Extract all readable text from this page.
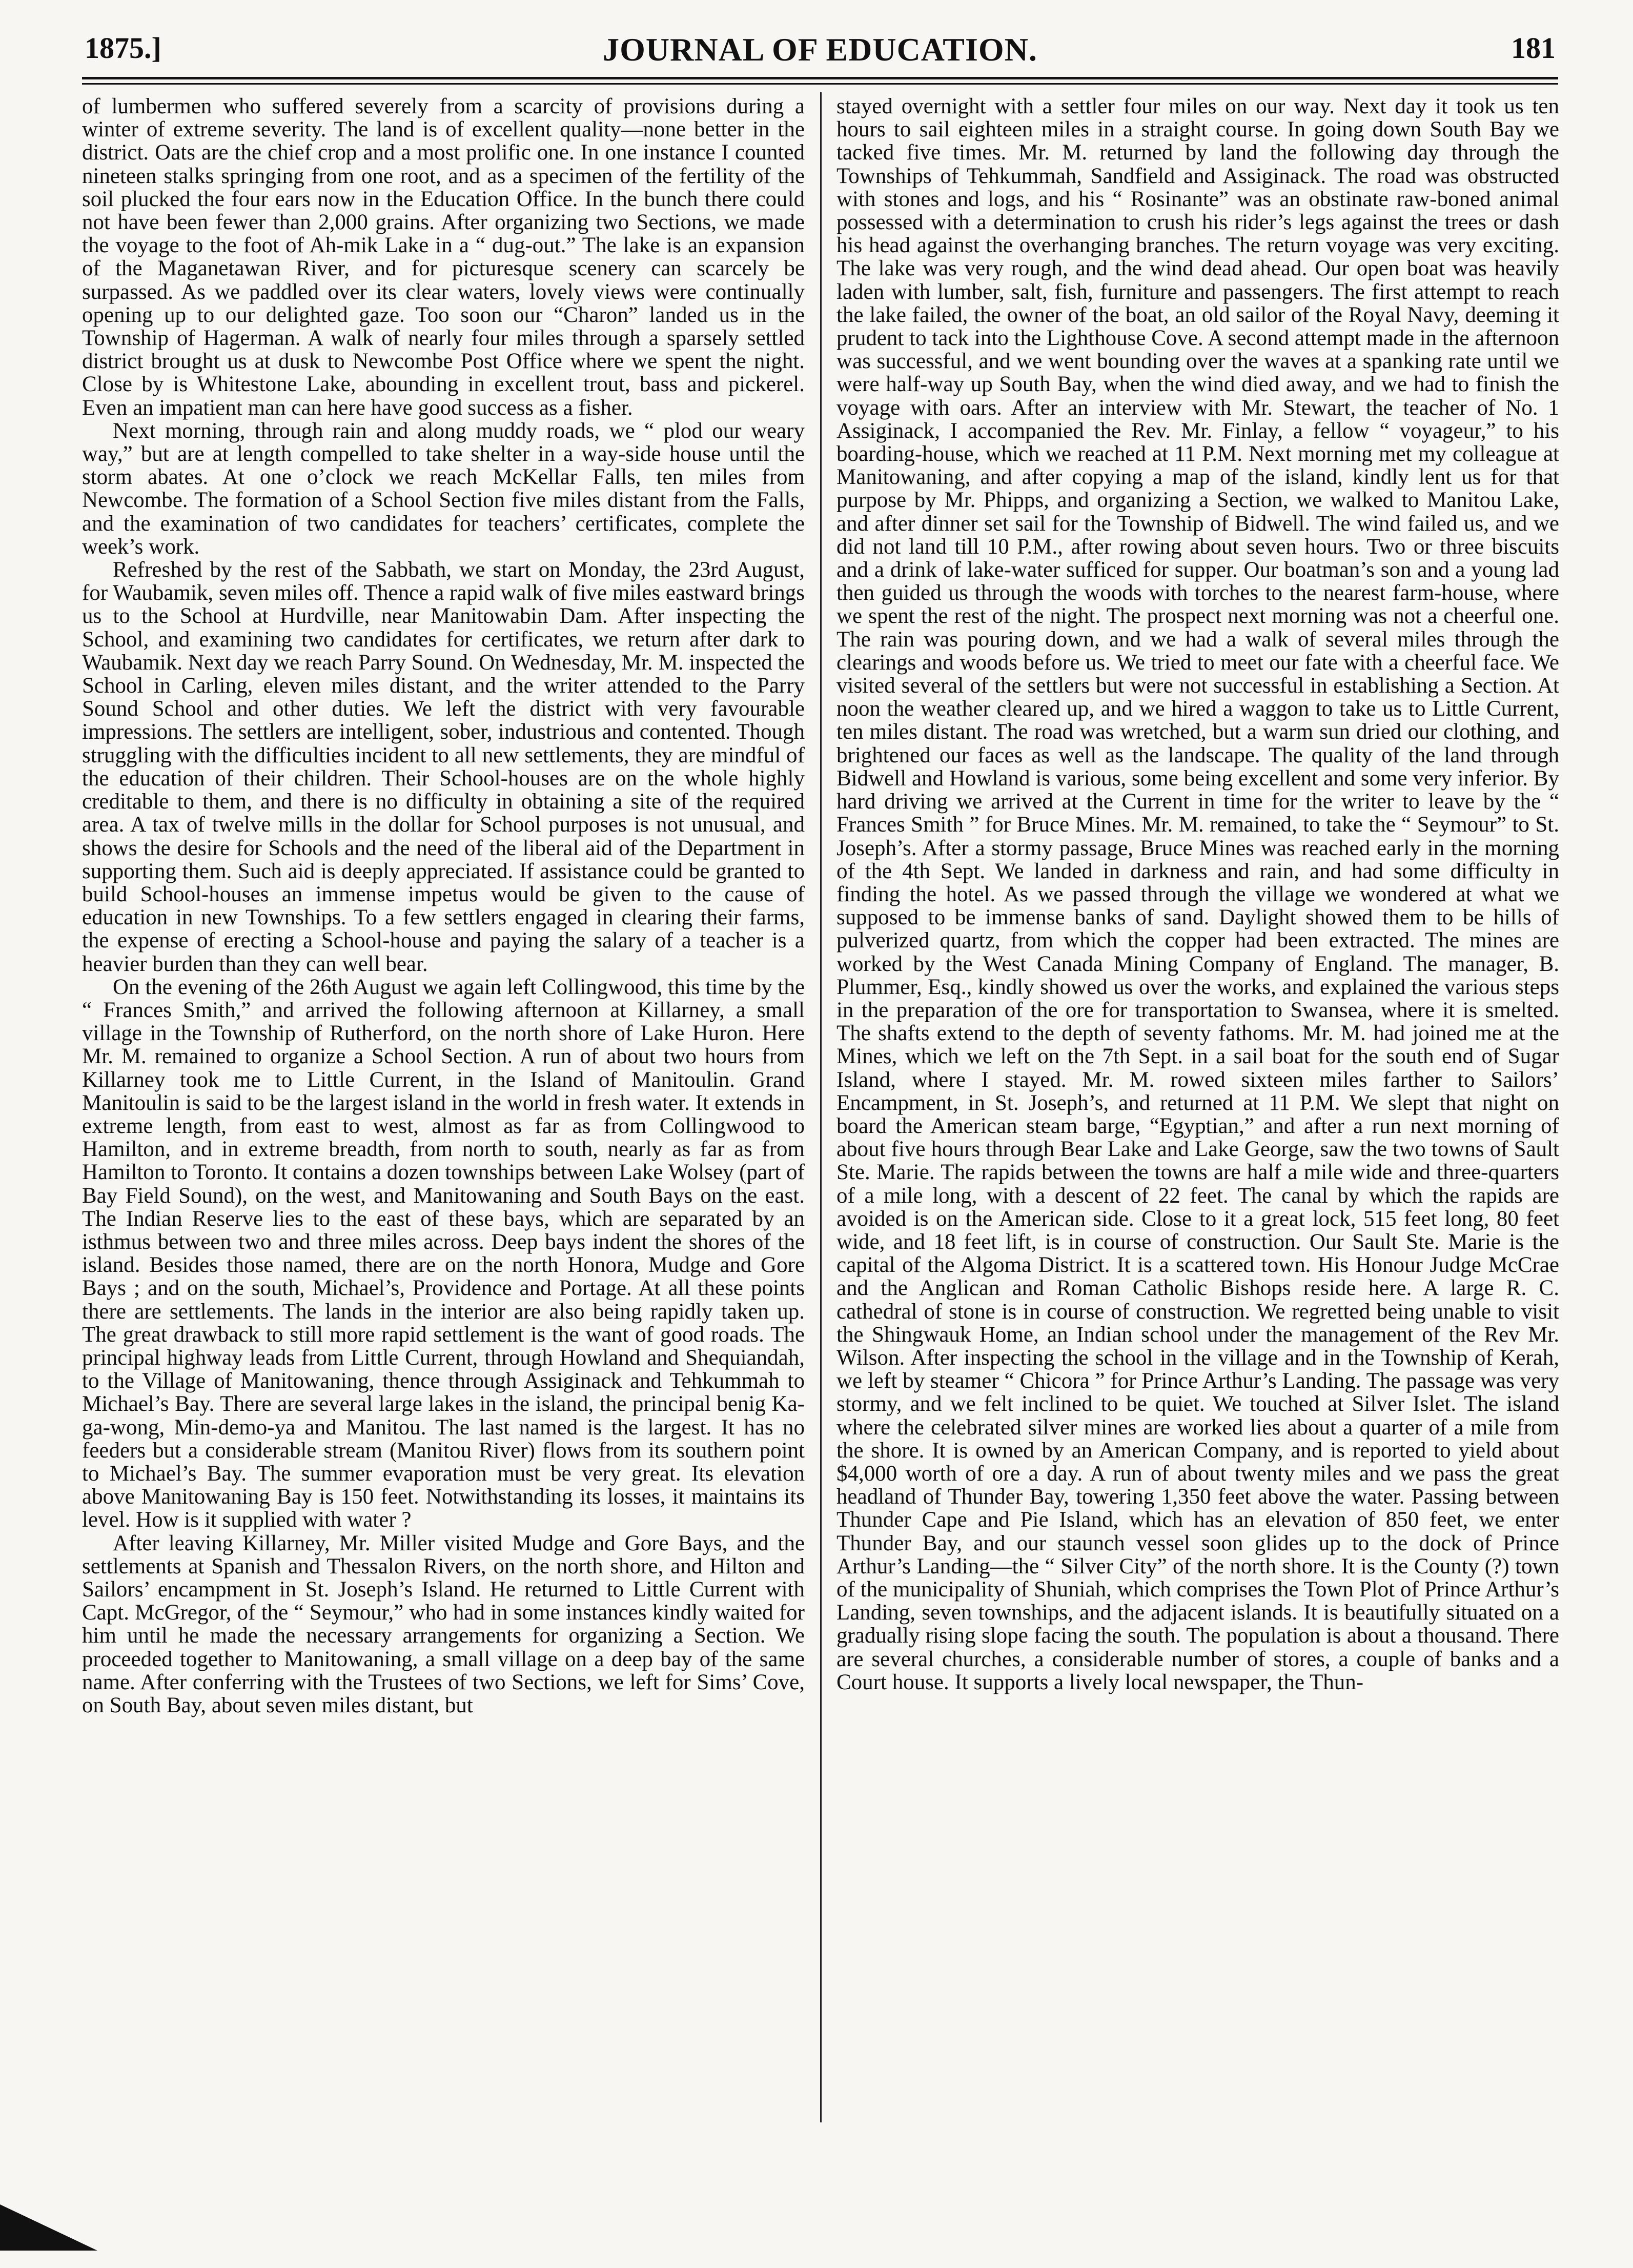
1875.]	JOURNAL OF EDUCATION.	181

of lumbermen who suffered severely from a scarcity of provisions during a winter of extreme severity. The land is of excellent quality—none better in the district. Oats are the chief crop and a most prolific one. In one instance I counted nineteen stalks springing from one root, and as a specimen of the fertility of the soil plucked the four ears now in the Education Office. In the bunch there could not have been fewer than 2,000 grains. After organizing two Sections, we made the voyage to the foot of Ah-mik Lake in a “ dug-out.” The lake is an expansion of the Maganetawan River, and for picturesque scenery can scarcely be surpassed. As we paddled over its clear waters, lovely views were continually opening up to our delighted gaze. Too soon our “Charon” landed us in the Township of Hagerman. A walk of nearly four miles through a sparsely settled district brought us at dusk to Newcombe Post Office where we spent the night. Close by is Whitestone Lake, abounding in excellent trout, bass and pickerel. Even an impatient man can here have good success as a fisher.

Next morning, through rain and along muddy roads, we “ plod our weary way,” but are at length compelled to take shelter in a way-side house until the storm abates. At one o’clock we reach McKellar Falls, ten miles from Newcombe. The formation of a School Section five miles distant from the Falls, and the examination of two candidates for teachers’ certificates, complete the week’s work.

Refreshed by the rest of the Sabbath, we start on Monday, the 23rd August, for Waubamik, seven miles off. Thence a rapid walk of five miles eastward brings us to the School at Hurdville, near Manitowabin Dam. After inspecting the School, and examining two candidates for certificates, we return after dark to Waubamik. Next day we reach Parry Sound. On Wednesday, Mr. M. inspected the School in Carling, eleven miles distant, and the writer attended to the Parry Sound School and other duties. We left the district with very favourable impressions. The settlers are intelligent, sober, industrious and contented. Though struggling with the difficulties incident to all new settlements, they are mindful of the education of their children. Their School-houses are on the whole highly creditable to them, and there is no difficulty in obtaining a site of the required area. A tax of twelve mills in the dollar for School purposes is not unusual, and shows the desire for Schools and the need of the liberal aid of the Department in supporting them. Such aid is deeply appreciated. If assistance could be granted to build School-houses an immense impetus would be given to the cause of education in new Townships. To a few settlers engaged in clearing their farms, the expense of erecting a School-house and paying the salary of a teacher is a heavier burden than they can well bear.

On the evening of the 26th August we again left Collingwood, this time by the “ Frances Smith,” and arrived the following afternoon at Killarney, a small village in the Township of Rutherford, on the north shore of Lake Huron. Here Mr. M. remained to organize a School Section. A run of about two hours from Killarney took me to Little Current, in the Island of Manitoulin. Grand Manitoulin is said to be the largest island in the world in fresh water. It extends in extreme length, from east to west, almost as far as from Collingwood to Hamilton, and in extreme breadth, from north to south, nearly as far as from Hamilton to Toronto. It contains a dozen townships between Lake Wolsey (part of Bay Field Sound), on the west, and Manitowaning and South Bays on the east. The Indian Reserve lies to the east of these bays, which are separated by an isthmus between two and three miles across. Deep bays indent the shores of the island. Besides those named, there are on the north Honora, Mudge and Gore Bays ; and on the south, Michael’s, Providence and Portage. At all these points there are settlements. The lands in the interior are also being rapidly taken up. The great drawback to still more rapid settlement is the want of good roads. The principal highway leads from Little Current, through Howland and Shequiandah, to the Village of Manitowaning, thence through Assiginack and Tehkummah to Michael’s Bay. There are several large lakes in the island, the principal benig Ka-ga-wong, Min-demo-ya and Manitou. The last named is the largest. It has no feeders but a considerable stream (Manitou River) flows from its southern point to Michael’s Bay. The summer evaporation must be very great. Its elevation above Manitowaning Bay is 150 feet. Notwithstanding its losses, it maintains its level. How is it supplied with water ?

After leaving Killarney, Mr. Miller visited Mudge and Gore Bays, and the settlements at Spanish and Thessalon Rivers, on the north shore, and Hilton and Sailors’ encampment in St. Joseph’s Island. He returned to Little Current with Capt. McGregor, of the “ Seymour,” who had in some instances kindly waited for him until he made the necessary arrangements for organizing a Section. We proceeded together to Manitowaning, a small village on a deep bay of the same name. After conferring with the Trustees of two Sections, we left for Sims’ Cove, on South Bay, about seven miles distant, but

stayed overnight with a settler four miles on our way. Next day it took us ten hours to sail eighteen miles in a straight course. In going down South Bay we tacked five times. Mr. M. returned by land the following day through the Townships of Tehkummah, Sandfield and Assiginack. The road was obstructed with stones and logs, and his “ Rosinante” was an obstinate raw-boned animal possessed with a determination to crush his rider’s legs against the trees or dash his head against the overhanging branches. The return voyage was very exciting. The lake was very rough, and the wind dead ahead. Our open boat was heavily laden with lumber, salt, fish, furniture and passengers. The first attempt to reach the lake failed, the owner of the boat, an old sailor of the Royal Navy, deeming it prudent to tack into the Lighthouse Cove. A second attempt made in the afternoon was successful, and we went bounding over the waves at a spanking rate until we were half-way up South Bay, when the wind died away, and we had to finish the voyage with oars. After an interview with Mr. Stewart, the teacher of No. 1 Assiginack, I accompanied the Rev. Mr. Finlay, a fellow “ voyageur,” to his boarding-house, which we reached at 11 P.M. Next morning met my colleague at Manitowaning, and after copying a map of the island, kindly lent us for that purpose by Mr. Phipps, and organizing a Section, we walked to Manitou Lake, and after dinner set sail for the Township of Bidwell. The wind failed us, and we did not land till 10 P.M., after rowing about seven hours. Two or three biscuits and a drink of lake-water sufficed for supper. Our boatman’s son and a young lad then guided us through the woods with torches to the nearest farm-house, where we spent the rest of the night. The prospect next morning was not a cheerful one. The rain was pouring down, and we had a walk of several miles through the clearings and woods before us. We tried to meet our fate with a cheerful face. We visited several of the settlers but were not successful in establishing a Section. At noon the weather cleared up, and we hired a waggon to take us to Little Current, ten miles distant. The road was wretched, but a warm sun dried our clothing, and brightened our faces as well as the landscape. The quality of the land through Bidwell and Howland is various, some being excellent and some very inferior. By hard driving we arrived at the Current in time for the writer to leave by the “ Frances Smith ” for Bruce Mines. Mr. M. remained, to take the “ Seymour” to St. Joseph’s. After a stormy passage, Bruce Mines was reached early in the morning of the 4th Sept. We landed in darkness and rain, and had some difficulty in finding the hotel. As we passed through the village we wondered at what we supposed to be immense banks of sand. Daylight showed them to be hills of pulverized quartz, from which the copper had been extracted. The mines are worked by the West Canada Mining Company of England. The manager, B. Plummer, Esq., kindly showed us over the works, and explained the various steps in the preparation of the ore for transportation to Swansea, where it is smelted. The shafts extend to the depth of seventy fathoms. Mr. M. had joined me at the Mines, which we left on the 7th Sept. in a sail boat for the south end of Sugar Island, where I stayed. Mr. M. rowed sixteen miles farther to Sailors’ Encampment, in St. Joseph’s, and returned at 11 P.M. We slept that night on board the American steam barge, “Egyptian,” and after a run next morning of about five hours through Bear Lake and Lake George, saw the two towns of Sault Ste. Marie. The rapids between the towns are half a mile wide and three-quarters of a mile long, with a descent of 22 feet. The canal by which the rapids are avoided is on the American side. Close to it a great lock, 515 feet long, 80 feet wide, and 18 feet lift, is in course of construction. Our Sault Ste. Marie is the capital of the Algoma District. It is a scattered town. His Honour Judge McCrae and the Anglican and Roman Catholic Bishops reside here. A large R. C. cathedral of stone is in course of construction. We regretted being unable to visit the Shingwauk Home, an Indian school under the management of the Rev Mr. Wilson. After inspecting the school in the village and in the Township of Kerah, we left by steamer “ Chicora ” for Prince Arthur’s Landing. The passage was very stormy, and we felt inclined to be quiet. We touched at Silver Islet. The island where the celebrated silver mines are worked lies about a quarter of a mile from the shore. It is owned by an American Company, and is reported to yield about $4,000 worth of ore a day. A run of about twenty miles and we pass the great headland of Thunder Bay, towering 1,350 feet above the water. Passing between Thunder Cape and Pie Island, which has an elevation of 850 feet, we enter Thunder Bay, and our staunch vessel soon glides up to the dock of Prince Arthur’s Landing—the “ Silver City” of the north shore. It is the County (?) town of the municipality of Shuniah, which comprises the Town Plot of Prince Arthur’s Landing, seven townships, and the adjacent islands. It is beautifully situated on a gradually rising slope facing the south. The population is about a thousand. There are several churches, a considerable number of stores, a couple of banks and a Court house. It supports a lively local newspaper, the Thun-
